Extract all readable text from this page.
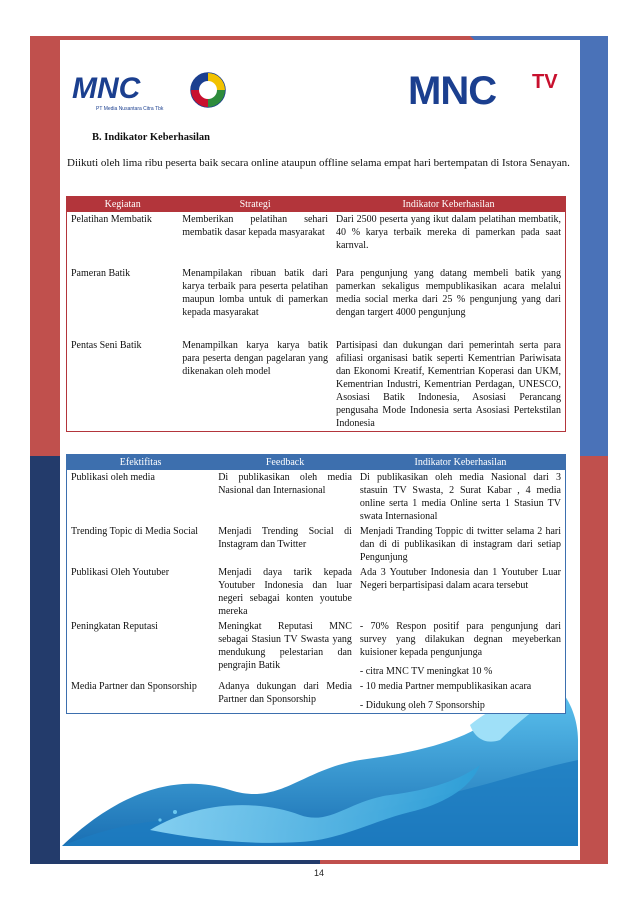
MNC
PT Media Nusantara Citra Tbk	MNC TV
B. Indikator Keberhasilan
Diikuti oleh lima ribu peserta baik secara online ataupun offline selama empat hari bertempatan di Istora Senayan.
Kegiatan	Strategi	Indikator Keberhasilan
Pelatihan Membatik	Memberikan pelatihan sehari membatik dasar kepada masyarakat	Dari 2500 peserta yang ikut dalam pelatihan membatik, 40 % karya terbaik mereka di pamerkan pada saat karnval.
Pameran Batik	Menampilakan ribuan batik dari karya terbaik para peserta pelatihan maupun lomba untuk di pamerkan kepada masyarakat	Para pengunjung yang datang membeli batik yang pamerkan sekaligus mempublikasikan acara melalui media social merka dari 25 % pengunjung yang dari dengan targert 4000 pengunjung
Pentas Seni Batik	Menampilkan karya karya batik para peserta dengan pagelaran yang dikenakan oleh model	Partisipasi dan dukungan dari pemerintah serta para afiliasi organisasi batik seperti Kementrian Pariwisata dan Ekonomi Kreatif, Kementrian Koperasi dan UKM, Kementrian Industri, Kementrian Perdagan, UNESCO, Asosiasi Batik Indonesia, Asosiasi Perancang pengusaha Mode Indonesia serta Asosiasi Pertekstilan Indonesia
Efektifitas	Feedback	Indikator Keberhasilan
Publikasi oleh media	Di publikasikan oleh media Nasional dan Internasional	Di publikasikan oleh media Nasional dari 3 stasuin TV Swasta, 2 Surat Kabar , 4 media online serta 1 media Online serta 1 Stasiun TV swata Internasional

Trending Topic di Media Social	Menjadi Trending Social di Instagram dan Twitter	Menjadi Tranding Toppic di twitter selama 2 hari dan di di publikasikan di instagram dari setiap Pengunjung

Publikasi Oleh Youtuber	Menjadi daya tarik kepada Youtuber Indonesia dan luar negeri sebagai konten youtube mereka	Ada 3 Youtuber Indonesia dan 1 Youtuber Luar Negeri berpartisipasi dalam acara tersebut

Peningkatan Reputasi	Meningkat Reputasi MNC sebagai Stasiun TV Swasta yang mendukung pelestarian dan pengrajin Batik	- 70% Respon positif para pengunjung dari survey yang dilakukan degnan meyeberkan kuisioner kepada pengunjunga
- citra MNC TV meningkat 10 %

Media Partner dan Sponsorship	Adanya dukungan dari Media Partner dan Sponsorship	- 10 media Partner mempublikasikan acara
- Didukung oleh 7 Sponsorship
14
